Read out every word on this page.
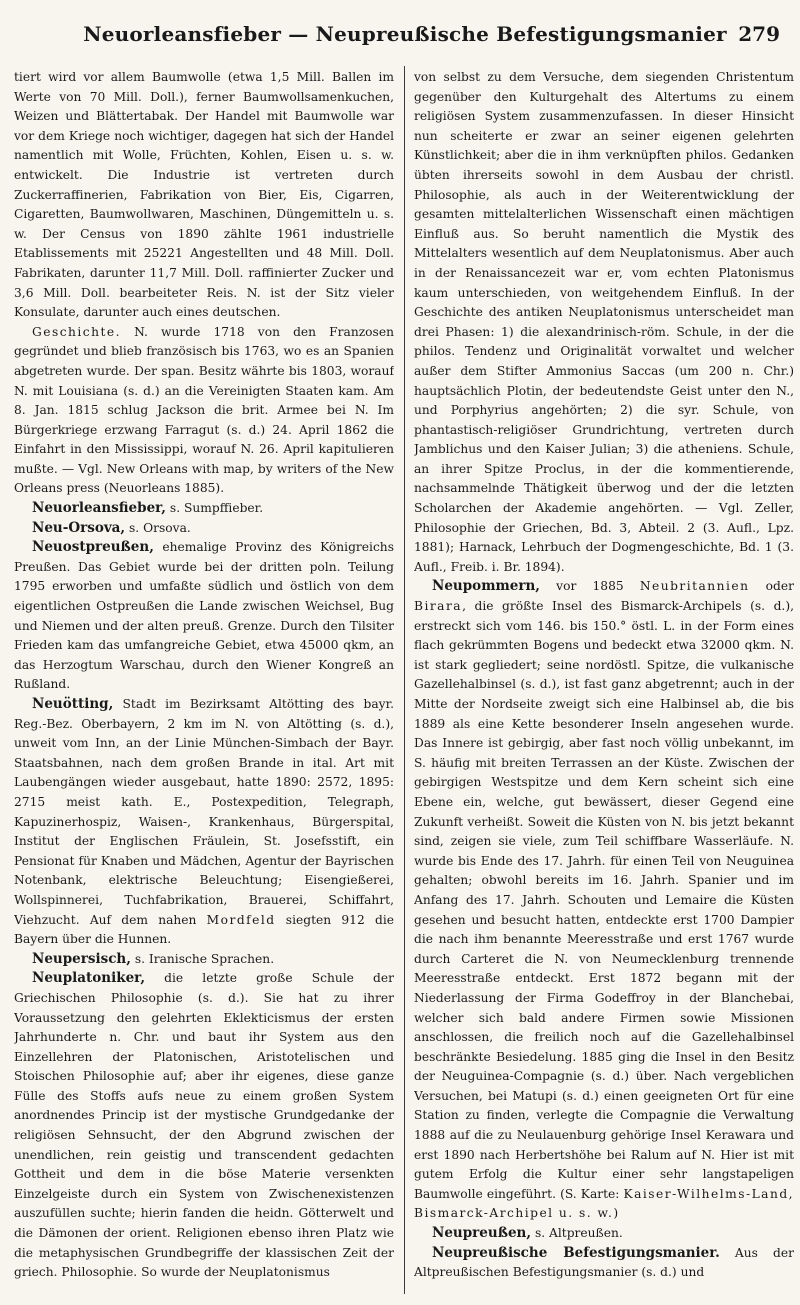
Neuorleansfieber — Neupreußische Befestigungsmanier 279

tiert wird vor allem Baumwolle (etwa 1,5 Mill. Ballen im Werte von 70 Mill. Doll.), ferner Baumwollsamenkuchen, Weizen und Blättertabak. Der Handel mit Baumwolle war vor dem Kriege noch wichtiger, dagegen hat sich der Handel namentlich mit Wolle, Früchten, Kohlen, Eisen u. s. w. entwickelt. Die Industrie ist vertreten durch Zuckerraffinerien, Fabrikation von Bier, Eis, Cigarren, Cigaretten, Baumwollwaren, Maschinen, Düngemitteln u. s. w. Der Census von 1890 zählte 1961 industrielle Etablissements mit 25221 Angestellten und 48 Mill. Doll. Fabrikaten, darunter 11,7 Mill. Doll. raffinierter Zucker und 3,6 Mill. Doll. bearbeiteter Reis. N. ist der Sitz vieler Konsulate, darunter auch eines deutschen.

Geschichte. N. wurde 1718 von den Franzosen gegründet und blieb französisch bis 1763, wo es an Spanien abgetreten wurde. Der span. Besitz währte bis 1803, worauf N. mit Louisiana (s. d.) an die Vereinigten Staaten kam. Am 8. Jan. 1815 schlug Jackson die brit. Armee bei N. Im Bürgerkriege erzwang Farragut (s. d.) 24. April 1862 die Einfahrt in den Mississippi, worauf N. 26. April kapitulieren mußte. — Vgl. New Orleans with map, by writers of the New Orleans press (Neuorleans 1885).

Neuorleansfieber, s. Sumpffieber.

Neu-Orsova, s. Orsova.

Neuostpreußen, ehemalige Provinz des Königreichs Preußen. Das Gebiet wurde bei der dritten poln. Teilung 1795 erworben und umfaßte südlich und östlich von dem eigentlichen Ostpreußen die Lande zwischen Weichsel, Bug und Niemen und der alten preuß. Grenze. Durch den Tilsiter Frieden kam das umfangreiche Gebiet, etwa 45000 qkm, an das Herzogtum Warschau, durch den Wiener Kongreß an Rußland.

Neuötting, Stadt im Bezirksamt Altötting des bayr. Reg.-Bez. Oberbayern, 2 km im N. von Altötting (s. d.), unweit vom Inn, an der Linie München-Simbach der Bayr. Staatsbahnen, nach dem großen Brande in ital. Art mit Laubengängen wieder ausgebaut, hatte 1890: 2572, 1895: 2715 meist kath. E., Postexpedition, Telegraph, Kapuzinerhospiz, Waisen-, Krankenhaus, Bürgerspital, Institut der Englischen Fräulein, St. Josefsstift, ein Pensionat für Knaben und Mädchen, Agentur der Bayrischen Notenbank, elektrische Beleuchtung; Eisengießerei, Wollspinnerei, Tuchfabrikation, Brauerei, Schiffahrt, Viehzucht. Auf dem nahen Mordfeld siegten 912 die Bayern über die Hunnen.

Neupersisch, s. Iranische Sprachen.

Neuplatoniker, die letzte große Schule der Griechischen Philosophie (s. d.). Sie hat zu ihrer Voraussetzung den gelehrten Eklekticismus der ersten Jahrhunderte n. Chr. und baut ihr System aus den Einzellehren der Platonischen, Aristotelischen und Stoischen Philosophie auf; aber ihr eigenes, diese ganze Fülle des Stoffs aufs neue zu einem großen System anordnendes Princip ist der mystische Grundgedanke der religiösen Sehnsucht, der den Abgrund zwischen der unendlichen, rein geistig und transcendent gedachten Gottheit und dem in die böse Materie versenkten Einzelgeiste durch ein System von Zwischenexistenzen auszufüllen suchte; hierin fanden die heidn. Götterwelt und die Dämonen der orient. Religionen ebenso ihren Platz wie die metaphysischen Grundbegriffe der klassischen Zeit der griech. Philosophie. So wurde der Neuplatonismus

von selbst zu dem Versuche, dem siegenden Christentum gegenüber den Kulturgehalt des Altertums zu einem religiösen System zusammenzufassen. In dieser Hinsicht nun scheiterte er zwar an seiner eigenen gelehrten Künstlichkeit; aber die in ihm verknüpften philos. Gedanken übten ihrerseits sowohl in dem Ausbau der christl. Philosophie, als auch in der Weiterentwicklung der gesamten mittelalterlichen Wissenschaft einen mächtigen Einfluß aus. So beruht namentlich die Mystik des Mittelalters wesentlich auf dem Neuplatonismus. Aber auch in der Renaissancezeit war er, vom echten Platonismus kaum unterschieden, von weitgehendem Einfluß. In der Geschichte des antiken Neuplatonismus unterscheidet man drei Phasen: 1) die alexandrinisch-röm. Schule, in der die philos. Tendenz und Originalität vorwaltet und welcher außer dem Stifter Ammonius Saccas (um 200 n. Chr.) hauptsächlich Plotin, der bedeutendste Geist unter den N., und Porphyrius angehörten; 2) die syr. Schule, von phantastisch-religiöser Grundrichtung, vertreten durch Jamblichus und den Kaiser Julian; 3) die atheniens. Schule, an ihrer Spitze Proclus, in der die kommentierende, nachsammelnde Thätigkeit überwog und der die letzten Scholarchen der Akademie angehörten. — Vgl. Zeller, Philosophie der Griechen, Bd. 3, Abteil. 2 (3. Aufl., Lpz. 1881); Harnack, Lehrbuch der Dogmengeschichte, Bd. 1 (3. Aufl., Freib. i. Br. 1894).

Neupommern, vor 1885 Neubritannien oder Birara, die größte Insel des Bismarck-Archipels (s. d.), erstreckt sich vom 146. bis 150.° östl. L. in der Form eines flach gekrümmten Bogens und bedeckt etwa 32000 qkm. N. ist stark gegliedert; seine nordöstl. Spitze, die vulkanische Gazellehalbinsel (s. d.), ist fast ganz abgetrennt; auch in der Mitte der Nordseite zweigt sich eine Halbinsel ab, die bis 1889 als eine Kette besonderer Inseln angesehen wurde. Das Innere ist gebirgig, aber fast noch völlig unbekannt, im S. häufig mit breiten Terrassen an der Küste. Zwischen der gebirgigen Westspitze und dem Kern scheint sich eine Ebene ein, welche, gut bewässert, dieser Gegend eine Zukunft verheißt. Soweit die Küsten von N. bis jetzt bekannt sind, zeigen sie viele, zum Teil schiffbare Wasserläufe. N. wurde bis Ende des 17. Jahrh. für einen Teil von Neuguinea gehalten; obwohl bereits im 16. Jahrh. Spanier und im Anfang des 17. Jahrh. Schouten und Lemaire die Küsten gesehen und besucht hatten, entdeckte erst 1700 Dampier die nach ihm benannte Meeresstraße und erst 1767 wurde durch Carteret die N. von Neumecklenburg trennende Meeresstraße entdeckt. Erst 1872 begann mit der Niederlassung der Firma Godeffroy in der Blanchebai, welcher sich bald andere Firmen sowie Missionen anschlossen, die freilich noch auf die Gazellehalbinsel beschränkte Besiedelung. 1885 ging die Insel in den Besitz der Neuguinea-Compagnie (s. d.) über. Nach vergeblichen Versuchen, bei Matupi (s. d.) einen geeigneten Ort für eine Station zu finden, verlegte die Compagnie die Verwaltung 1888 auf die zu Neulauenburg gehörige Insel Kerawara und erst 1890 nach Herbertshöhe bei Ralum auf N. Hier ist mit gutem Erfolg die Kultur einer sehr langstapeligen Baumwolle eingeführt. (S. Karte: Kaiser-Wilhelms-Land, Bismarck-Archipel u. s. w.)

Neupreußen, s. Altpreußen.

Neupreußische Befestigungsmanier. Aus der Altpreußischen Befestigungsmanier (s. d.) und
